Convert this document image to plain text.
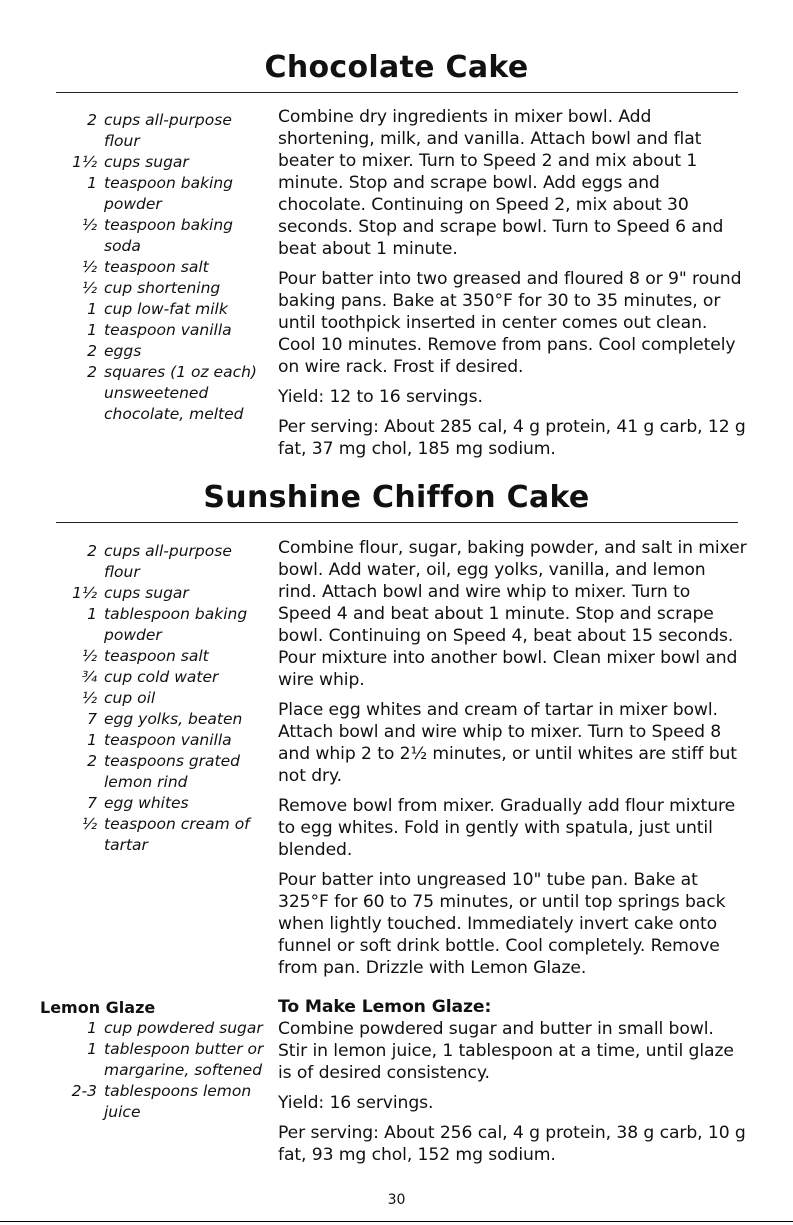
Chocolate Cake
2 cups all-purpose flour
1½ cups sugar
1 teaspoon baking powder
½ teaspoon baking soda
½ teaspoon salt
½ cup shortening
1 cup low-fat milk
1 teaspoon vanilla
2 eggs
2 squares (1 oz each) unsweetened chocolate, melted

Combine dry ingredients in mixer bowl. Add shortening, milk, and vanilla. Attach bowl and flat beater to mixer. Turn to Speed 2 and mix about 1 minute. Stop and scrape bowl. Add eggs and chocolate. Continuing on Speed 2, mix about 30 seconds. Stop and scrape bowl. Turn to Speed 6 and beat about 1 minute.

Pour batter into two greased and floured 8 or 9" round baking pans. Bake at 350°F for 30 to 35 minutes, or until toothpick inserted in center comes out clean. Cool 10 minutes. Remove from pans. Cool completely on wire rack. Frost if desired.

Yield: 12 to 16 servings.

Per serving: About 285 cal, 4 g protein, 41 g carb, 12 g fat, 37 mg chol, 185 mg sodium.

Sunshine Chiffon Cake
2 cups all-purpose flour
1½ cups sugar
1 tablespoon baking powder
½ teaspoon salt
¾ cup cold water
½ cup oil
7 egg yolks, beaten
1 teaspoon vanilla
2 teaspoons grated lemon rind
7 egg whites
½ teaspoon cream of tartar

Combine flour, sugar, baking powder, and salt in mixer bowl. Add water, oil, egg yolks, vanilla, and lemon rind. Attach bowl and wire whip to mixer. Turn to Speed 4 and beat about 1 minute. Stop and scrape bowl. Continuing on Speed 4, beat about 15 seconds. Pour mixture into another bowl. Clean mixer bowl and wire whip.

Place egg whites and cream of tartar in mixer bowl. Attach bowl and wire whip to mixer. Turn to Speed 8 and whip 2 to 2½ minutes, or until whites are stiff but not dry.

Remove bowl from mixer. Gradually add flour mixture to egg whites. Fold in gently with spatula, just until blended.

Pour batter into ungreased 10" tube pan. Bake at 325°F for 60 to 75 minutes, or until top springs back when lightly touched. Immediately invert cake onto funnel or soft drink bottle. Cool completely. Remove from pan. Drizzle with Lemon Glaze.

Lemon Glaze
1 cup powdered sugar
1 tablespoon butter or margarine, softened
2-3 tablespoons lemon juice

To Make Lemon Glaze:

Combine powdered sugar and butter in small bowl. Stir in lemon juice, 1 tablespoon at a time, until glaze is of desired consistency.

Yield: 16 servings.

Per serving: About 256 cal, 4 g protein, 38 g carb, 10 g fat, 93 mg chol, 152 mg sodium.

30
